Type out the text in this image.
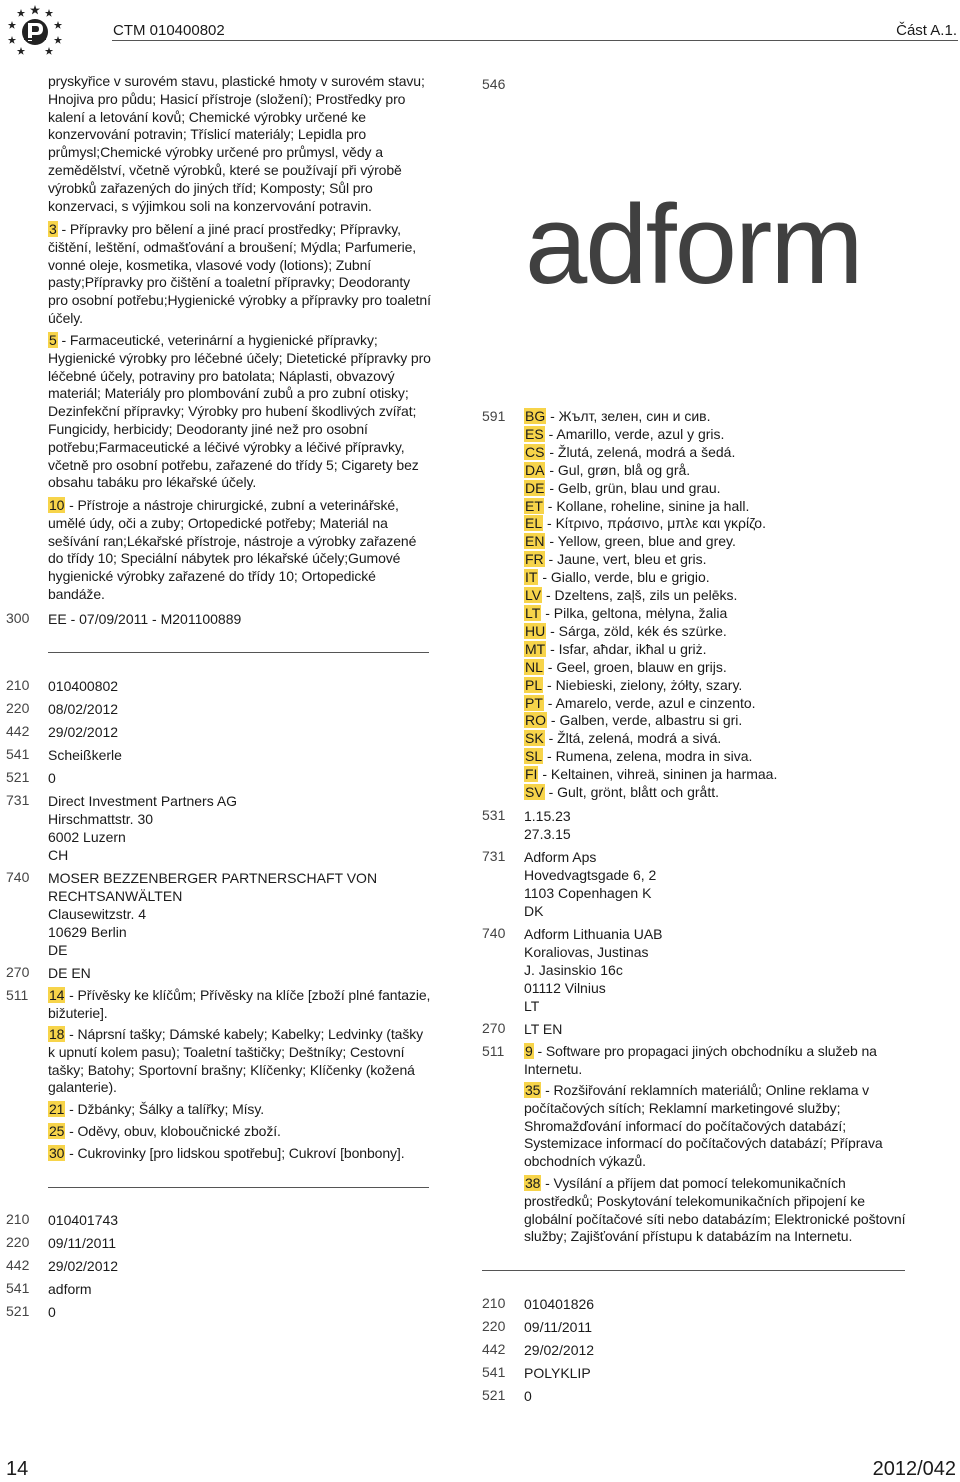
CTM 010400802	Část A.1.
pryskyřice v surovém stavu, plastické hmoty v surovém stavu; Hnojiva pro půdu; Hasicí přístroje (složení); Prostředky pro kalení a letování kovů; Chemické výrobky určené ke konzervování potravin; Tříslicí materiály; Lepidla pro průmysl;Chemické výrobky určené pro průmysl, vědy a zemědělství, včetně výrobků, které se používají při výrobě výrobků zařazených do jiných tříd; Komposty; Sůl pro konzervaci, s výjimkou soli na konzervování potravin.
3 - Přípravky pro bělení a jiné prací prostředky; Přípravky, čištění, leštění, odmašťování a broušení; Mýdla; Parfumerie, vonné oleje, kosmetika, vlasové vody (lotions); Zubní pasty;Přípravky pro čištění a toaletní přípravky; Deodoranty pro osobní potřebu;Hygienické výrobky a přípravky pro toaletní účely.
5 - Farmaceutické, veterinární a hygienické přípravky; Hygienické výrobky pro léčebné účely; Dietetické přípravky pro léčebné účely, potraviny pro batolata; Náplasti, obvazový materiál; Materiály pro plombování zubů a pro zubní otisky; Dezinfekční přípravky; Výrobky pro hubení škodlivých zvířat; Fungicidy, herbicidy; Deodoranty jiné než pro osobní potřebu;Farmaceutické a léčivé výrobky a léčivé přípravky, včetně pro osobní potřebu, zařazené do třídy 5; Cigarety bez obsahu tabáku pro lékařské účely.
10 - Přístroje a nástroje chirurgické, zubní a veterinářské, umělé údy, oči a zuby; Ortopedické potřeby; Materiál na sešívání ran;Lékařské přístroje, nástroje a výrobky zařazené do třídy 10; Speciální nábytek pro lékařské účely;Gumové hygienické výrobky zařazené do třídy 10; Ortopedické bandáže.
300 EE - 07/09/2011 - M201100889
210 010400802
220 08/02/2012
442 29/02/2012
541 Scheißkerle
521 0
731 Direct Investment Partners AG
Hirschmattstr. 30
6002 Luzern
CH
740 MOSER BEZZENBERGER PARTNERSCHAFT VON
RECHTSANWÄLTEN
Clausewitzstr. 4
10629 Berlin
DE
270 DE EN
511 14 - Přívěsky ke klíčům; Přívěsky na klíče [zboží plné fantazie, bižuterie].
18 - Náprsní tašky; Dámské kabely; Kabelky; Ledvinky (tašky k upnutí kolem pasu); Toaletní taštičky; Deštníky; Cestovní tašky; Batohy; Sportovní brašny; Klíčenky; Klíčenky (kožená galanterie).
21 - Džbánky; Šálky a talířky; Mísy.
25 - Oděvy, obuv, kloboučnické zboží.
30 - Cukrovinky [pro lidskou spotřebu]; Cukroví [bonbony].
210 010401743
220 09/11/2011
442 29/02/2012
541 adform
521 0
546
adform
591 BG - Жълт, зелен, син и сив.
ES - Amarillo, verde, azul y gris.
CS - Žlutá, zelená, modrá a šedá.
DA - Gul, grøn, blå og grå.
DE - Gelb, grün, blau und grau.
ET - Kollane, roheline, sinine ja hall.
EL - Κίτρινο, πράσινο, μπλε και γκρίζο.
EN - Yellow, green, blue and grey.
FR - Jaune, vert, bleu et gris.
IT - Giallo, verde, blu e grigio.
LV - Dzeltens, zaļš, zils un pelēks.
LT - Pilka, geltona, mėlyna, žalia
HU - Sárga, zöld, kék és szürke.
MT - Isfar, aħdar, ikħal u griż.
NL - Geel, groen, blauw en grijs.
PL - Niebieski, zielony, żółty, szary.
PT - Amarelo, verde, azul e cinzento.
RO - Galben, verde, albastru si gri.
SK - Žltá, zelená, modrá a sivá.
SL - Rumena, zelena, modra in siva.
FI - Keltainen, vihreä, sininen ja harmaa.
SV - Gult, grönt, blått och grått.
531 1.15.23
27.3.15
731 Adform Aps
Hovedvagtsgade 6, 2
1103 Copenhagen K
DK
740 Adform Lithuania UAB
Koraliovas, Justinas
J. Jasinskio 16c
01112 Vilnius
LT
270 LT EN
511 9 - Software pro propagaci jiných obchodníku a služeb na Internetu.
35 - Rozšiřování reklamních materiálů; Online reklama v počítačových sítích; Reklamní marketingové služby; Shromažďování informací do počítačových databází; Systemizace informací do počítačových databází; Příprava obchodních výkazů.
38 - Vysílání a příjem dat pomocí telekomunikačních prostředků; Poskytování telekomunikačních připojení ke globální počítačové síti nebo databázím; Elektronické poštovní služby; Zajišťování přístupu k databázím na Internetu.
210 010401826
220 09/11/2011
442 29/02/2012
541 POLYKLIP
521 0
14	2012/042
